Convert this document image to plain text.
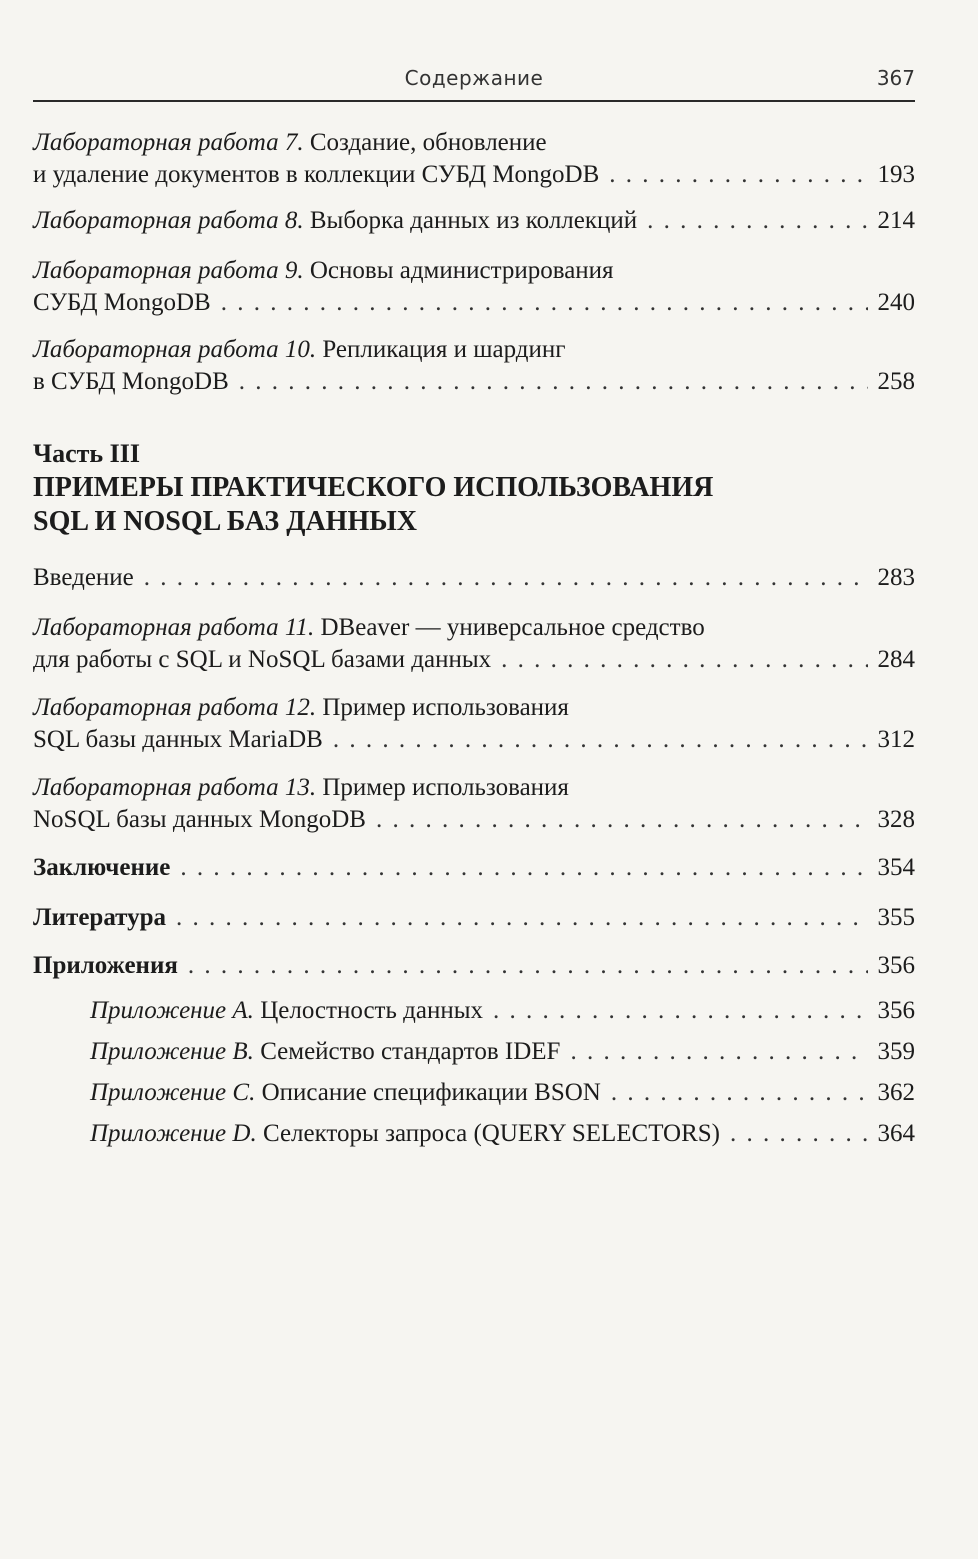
Содержание	367
Лабораторная работа 7. Создание, обновление
и удаление документов в коллекции СУБД MongoDB . . .	193
Лабораторная работа 8.
Выборка данных из коллекций . . .	214
Лабораторная работа 9. Основы администрирования
СУБД MongoDB . . .	240
Лабораторная работа 10. Репликация и шардинг
в СУБД MongoDB . . .	258
Часть III
ПРИМЕРЫ ПРАКТИЧЕСКОГО ИСПОЛЬЗОВАНИЯ
SQL И NOSQL БАЗ ДАННЫХ
Введение . . .	283
Лабораторная работа 11. DBeaver — универсальное средство
для работы с SQL и NoSQL базами данных . . .	284
Лабораторная работа 12. Пример использования
SQL базы данных MariaDB . . .	312
Лабораторная работа 13. Пример использования
NoSQL базы данных MongoDB . . .	328
Заключение . . .	354
Литература . . .	355
Приложения . . .	356
Приложение A.
Целостность данных . . .	356
Приложение B.
Семейство стандартов IDEF . . .	359
Приложение C.
Описание спецификации BSON . . .	362
Приложение D.
Селекторы запроса (QUERY SELECTORS) . . .	364
